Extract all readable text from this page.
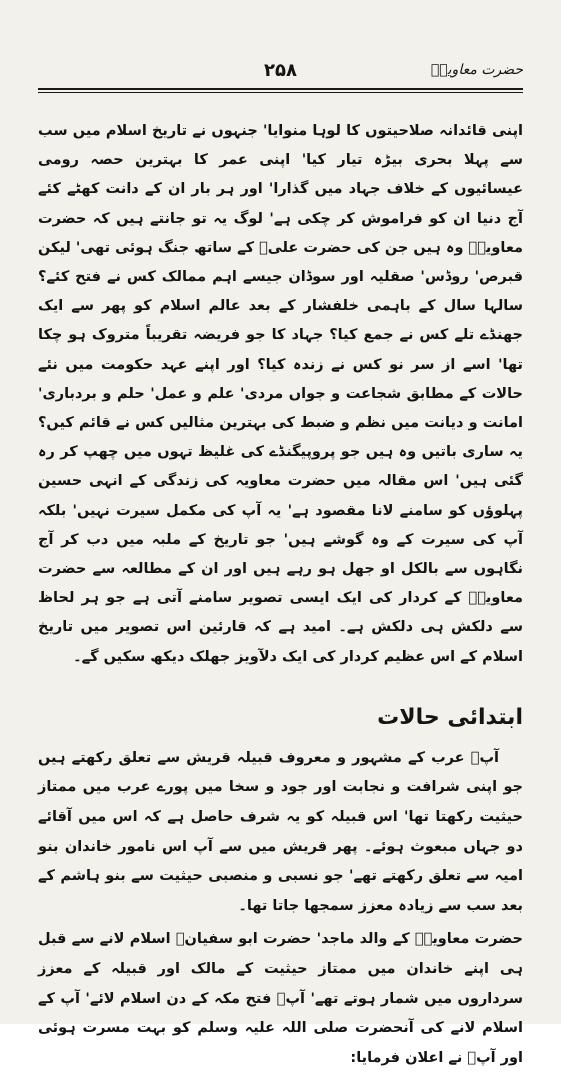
حضرت معاویہؓ
۲۵۸

اپنی قائدانہ صلاحیتوں کا لوہا منوایا' جنہوں نے تاریخ اسلام میں سب سے پہلا بحری بیڑہ تیار کیا' اپنی عمر کا بہترین حصہ رومی عیسائیوں کے خلاف جہاد میں گذارا' اور ہر بار ان کے دانت کھٹے کئے آج دنیا ان کو فراموش کر چکی ہے' لوگ یہ تو جانتے ہیں کہ حضرت معاویہؓ وہ ہیں جن کی حضرت علیؓ کے ساتھ جنگ ہوئی تھی' لیکن قبرص' روڈس' صقلیہ اور سوڈان جیسے اہم ممالک کس نے فتح کئے؟ سالہا سال کے باہمی خلفشار کے بعد عالم اسلام کو پھر سے ایک جھنڈے تلے کس نے جمع کیا؟ جہاد کا جو فریضہ تقریباً متروک ہو چکا تھا' اسے از سر نو کس نے زندہ کیا؟ اور اپنے عہد حکومت میں نئے حالات کے مطابق شجاعت و جواں مردی' علم و عمل' حلم و بردباری' امانت و دیانت میں نظم و ضبط کی بہترین مثالیں کس نے قائم کیں؟ یہ ساری باتیں وہ ہیں جو پروپیگنڈے کی غلیظ تہوں میں چھپ کر رہ گئی ہیں' اس مقالہ میں حضرت معاویہ کی زندگی کے انہی حسین پہلوؤں کو سامنے لانا مقصود ہے' یہ آپ کی مکمل سیرت نہیں' بلکہ آپ کی سیرت کے وہ گوشے ہیں' جو تاریخ کے ملبہ میں دب کر آج نگاہوں سے بالکل او جھل ہو رہے ہیں اور ان کے مطالعہ سے حضرت معاویہؓ کے کردار کی ایک ایسی تصویر سامنے آتی ہے جو ہر لحاظ سے دلکش ہی دلکش ہے۔ امید ہے کہ قارئین اس تصویر میں تاریخ اسلام کے اس عظیم کردار کی ایک دلآویز جھلک دیکھ سکیں گے۔

ابتدائی حالات

آپؓ عرب کے مشہور و معروف قبیلہ قریش سے تعلق رکھتے ہیں جو اپنی شرافت و نجابت اور جود و سخا میں پورے عرب میں ممتاز حیثیت رکھتا تھا' اس قبیلہ کو یہ شرف حاصل ہے کہ اس میں آقائے دو جہاں مبعوث ہوئے۔ پھر قریش میں سے آپ اس نامور خاندان بنو امیہ سے تعلق رکھتے تھے' جو نسبی و منصبی حیثیت سے بنو ہاشم کے بعد سب سے زیادہ معزز سمجھا جاتا تھا۔

حضرت معاویہؓ کے والد ماجد' حضرت ابو سفیانؓ اسلام لانے سے قبل ہی اپنے خاندان میں ممتاز حیثیت کے مالک اور قبیلہ کے معزز سرداروں میں شمار ہوتے تھے' آپؓ فتح مکہ کے دن اسلام لائے' آپ کے اسلام لانے کی آنحضرت صلی اللہ علیہ وسلم کو بہت مسرت ہوئی اور آپؐ نے اعلان فرمایا:
